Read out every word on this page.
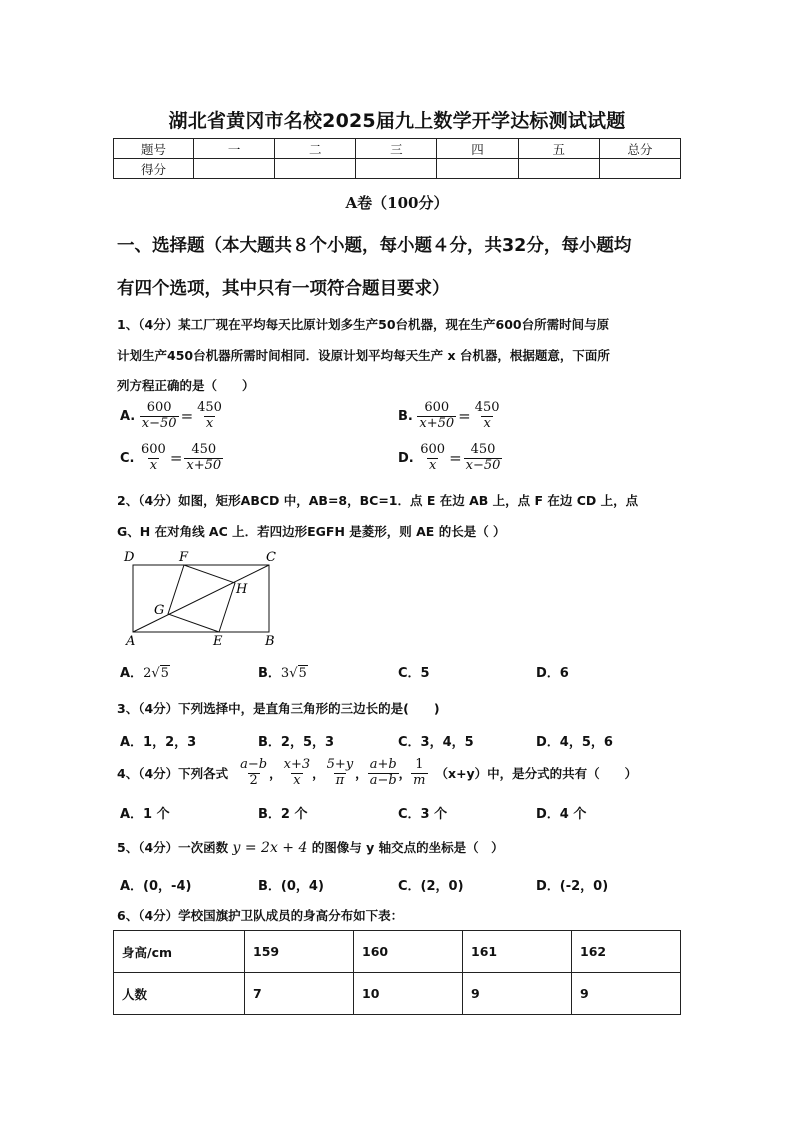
湖北省黄冈市名校2025届九上数学开学达标测试试题
题号	一	二	三	四	五	总分
得分						
A卷（100分）
一、选择题（本大题共８个小题，每小题４分，共32分，每小题均
有四个选项，其中只有一项符合题目要求）
1、（4分）某工厂现在平均每天比原计划多生产50台机器，现在生产600台所需时间与原
计划生产450台机器所需时间相同．设原计划平均每天生产 x 台机器，根据题意，下面所
列方程正确的是（　　）
A. $\frac{600}{x-50} = \frac{450}{x}$	B. $\frac{600}{x+50} = \frac{450}{x}$
C. $\frac{600}{x} = \frac{450}{x+50}$	D. $\frac{600}{x} = \frac{450}{x-50}$
2、（4分）如图，矩形ABCD 中，AB=8，BC=1．点 E 在边 AB 上，点 F 在边 CD 上，点
G、H 在对角线 AC 上．若四边形EGFH 是菱形，则 AE 的长是（ ）
D	F	C
H
G
A	E	B
A．2√5	B．3√5	C．5	D．6
3、（4分）下列选择中，是直角三角形的三边长的是(　　)
A．1，2，3	B．2，5，3	C．3，4，5	D．4，5，6
4、（4分）下列各式 $\frac{a-b}{2}$ ， $\frac{x+3}{x}$ ， $\frac{5+y}{\pi}$ ， $\frac{a+b}{a-b}$ ， $\frac{1}{m} (x+y)$中，是分式的共有（　　）
A．1 个	B．2 个	C．3 个	D．4 个
5、（4分）一次函数 y = 2x + 4 的图像与 y 轴交点的坐标是（　）
A．(0，-4)	B．(0，4)	C．(2，0)	D．(-2，0)
6、（4分）学校国旗护卫队成员的身高分布如下表：
身高/cm	159	160	161	162
人数	7	10	9	9
